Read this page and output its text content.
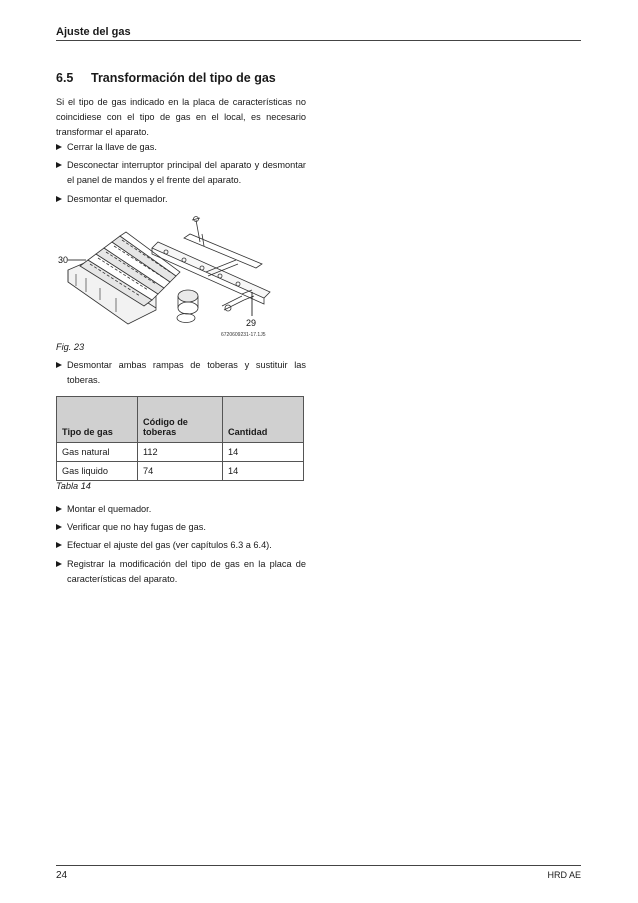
Ajuste del gas
6.5 Transformación del tipo de gas
Si el tipo de gas indicado en la placa de características no coincidiese con el tipo de gas en el local, es necesario transformar el aparato.
Cerrar la llave de gas.
Desconectar interruptor principal del aparato y desmontar el panel de mandos y el frente del aparato.
Desmontar el quemador.
30
29
6720609231-17.1J5
Fig. 23
Desmontar ambas rampas de toberas y sustituir las toberas.
Tipo de gas	Código de toberas	Cantidad
Gas natural	112	14
Gas liquido	74	14
Tabla 14
Montar el quemador.
Verificar que no hay fugas de gas.
Efectuar el ajuste del gas (ver capítulos 6.3 a 6.4).
Registrar la modificación del tipo de gas en la placa de características del aparato.
24	HRD AE
